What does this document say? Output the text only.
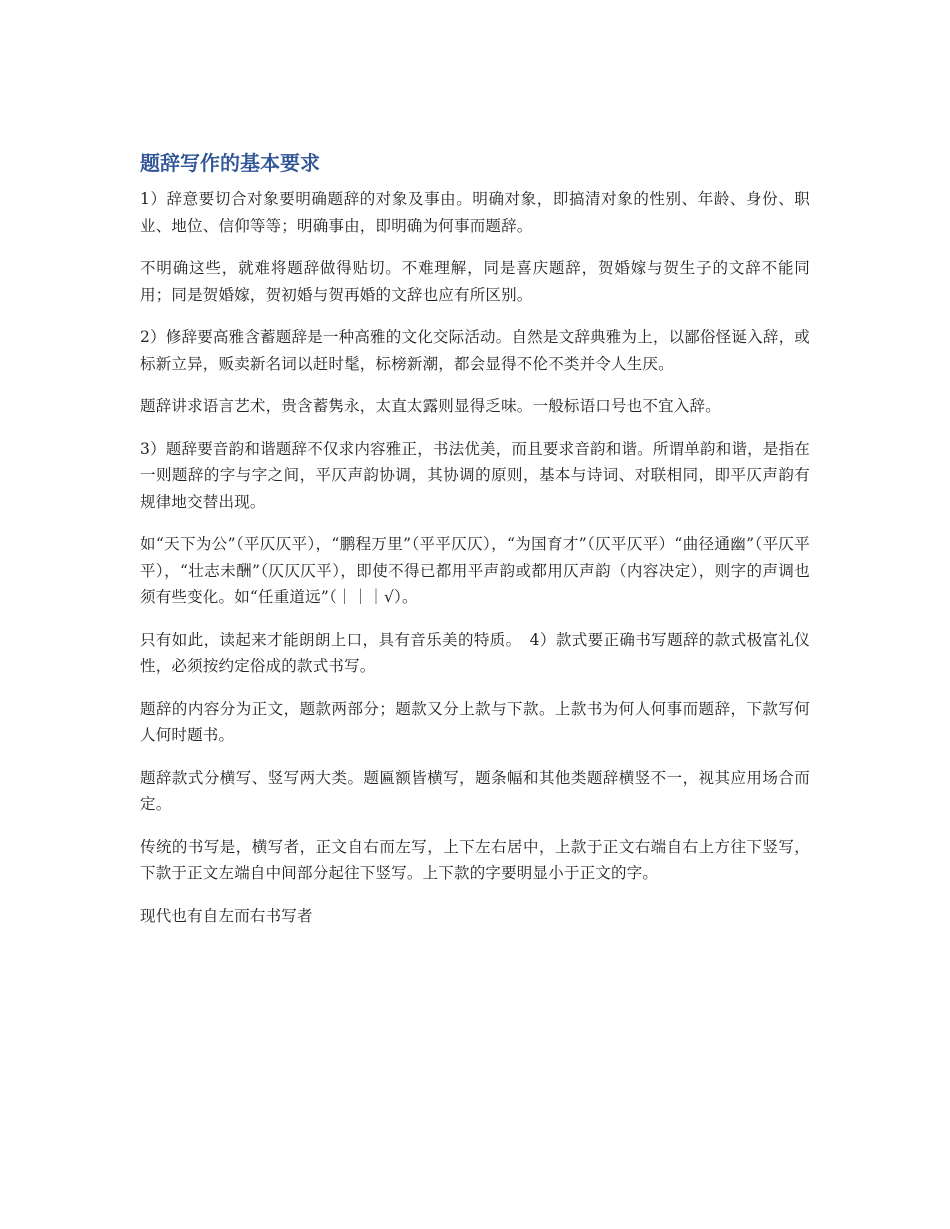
题辞写作的基本要求
1）辞意要切合对象要明确题辞的对象及事由。明确对象，即搞清对象的性别、年龄、身份、职业、地位、信仰等等；明确事由，即明确为何事而题辞。
不明确这些，就难将题辞做得贴切。不难理解，同是喜庆题辞，贺婚嫁与贺生子的文辞不能同用；同是贺婚嫁，贺初婚与贺再婚的文辞也应有所区别。
2）修辞要高雅含蓄题辞是一种高雅的文化交际活动。自然是文辞典雅为上，以鄙俗怪诞入辞，或标新立异，贩卖新名词以赶时髦，标榜新潮，都会显得不伦不类并令人生厌。
题辞讲求语言艺术，贵含蓄隽永，太直太露则显得乏味。一般标语口号也不宜入辞。
3）题辞要音韵和谐题辞不仅求内容雅正，书法优美，而且要求音韵和谐。所谓单韵和谐，是指在一则题辞的字与字之间，平仄声韵协调，其协调的原则，基本与诗词、对联相同，即平仄声韵有规律地交替出现。
如“天下为公”（平仄仄平），“鹏程万里”（平平仄仄），“为国育才”（仄平仄平）“曲径通幽”（平仄平平），“壮志未酬”（仄仄仄平），即使不得已都用平声韵或都用仄声韵（内容决定），则字的声调也须有些变化。如“任重道远”（｜｜｜√）。
只有如此，读起来才能朗朗上口，具有音乐美的特质。　4）款式要正确书写题辞的款式极富礼仪性，必须按约定俗成的款式书写。
题辞的内容分为正文，题款两部分；题款又分上款与下款。上款书为何人何事而题辞，下款写何人何时题书。
题辞款式分横写、竖写两大类。题匾额皆横写，题条幅和其他类题辞横竖不一，视其应用场合而定。
传统的书写是，横写者，正文自右而左写，上下左右居中，上款于正文右端自右上方往下竖写，下款于正文左端自中间部分起往下竖写。上下款的字要明显小于正文的字。
现代也有自左而右书写者
